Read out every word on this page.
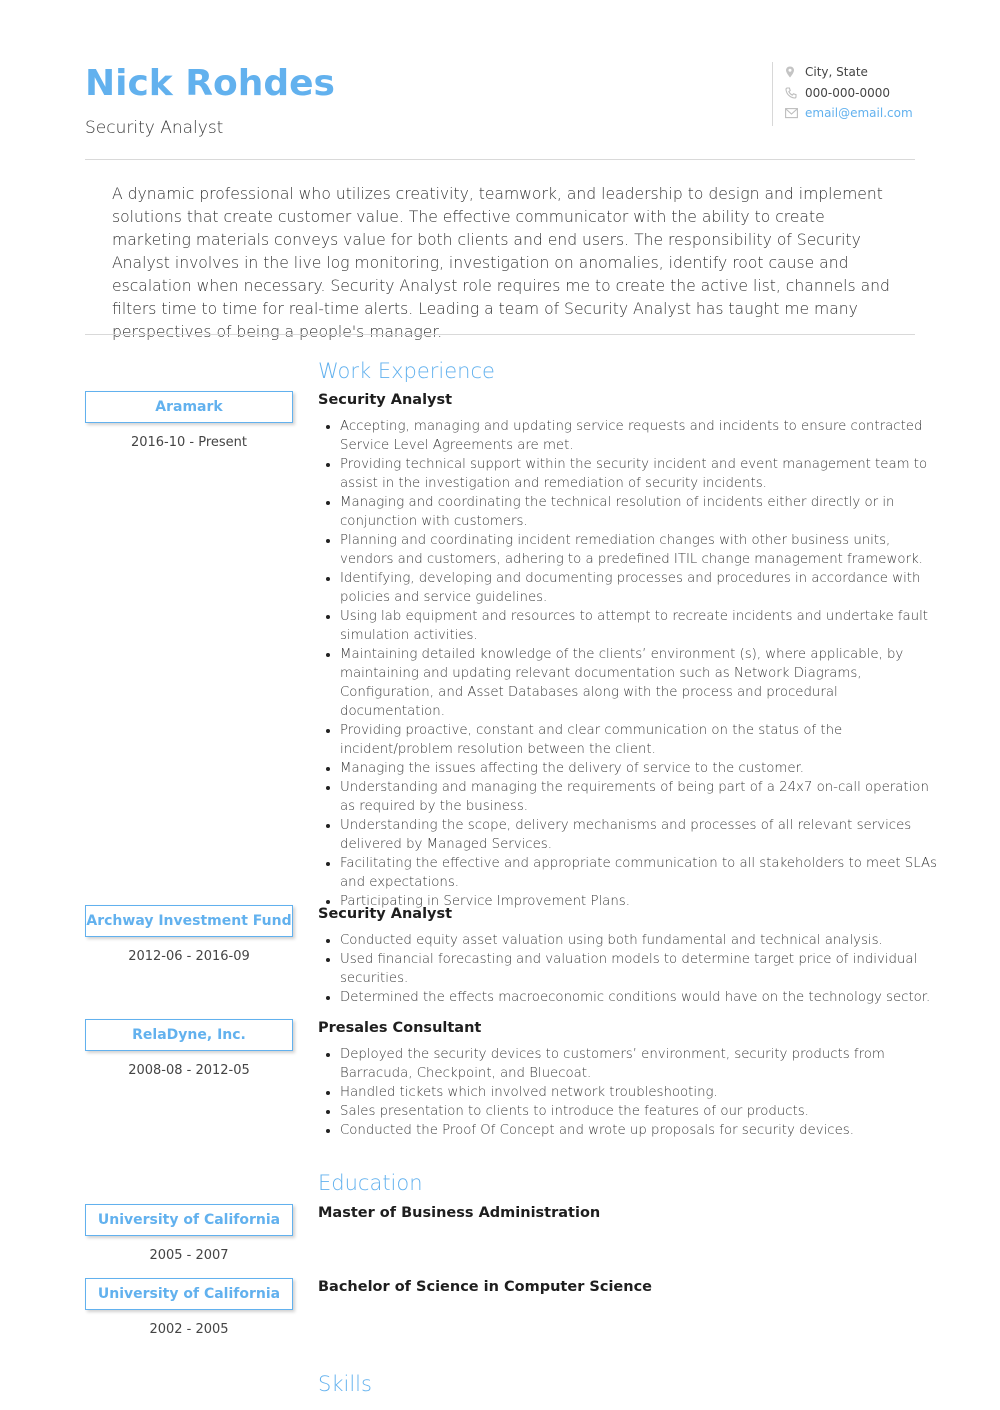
Nick Rohdes
Security Analyst
City, State
000-000-0000
email@email.com
A dynamic professional who utilizes creativity, teamwork, and leadership to design and implement solutions that create customer value. The effective communicator with the ability to create marketing materials conveys value for both clients and end users. The responsibility of Security Analyst involves in the live log monitoring, investigation on anomalies, identify root cause and escalation when necessary. Security Analyst role requires me to create the active list, channels and filters time to time for real-time alerts. Leading a team of Security Analyst has taught me many perspectives of being a people's manager.
Work Experience
Aramark
2016-10 - Present
Security Analyst
• Accepting, managing and updating service requests and incidents to ensure contracted Service Level Agreements are met.
• Providing technical support within the security incident and event management team to assist in the investigation and remediation of security incidents.
• Managing and coordinating the technical resolution of incidents either directly or in conjunction with customers.
• Planning and coordinating incident remediation changes with other business units, vendors and customers, adhering to a predefined ITIL change management framework.
• Identifying, developing and documenting processes and procedures in accordance with policies and service guidelines.
• Using lab equipment and resources to attempt to recreate incidents and undertake fault simulation activities.
• Maintaining detailed knowledge of the clients’ environment (s), where applicable, by maintaining and updating relevant documentation such as Network Diagrams, Configuration, and Asset Databases along with the process and procedural documentation.
• Providing proactive, constant and clear communication on the status of the incident/problem resolution between the client.
• Managing the issues affecting the delivery of service to the customer.
• Understanding and managing the requirements of being part of a 24x7 on-call operation as required by the business.
• Understanding the scope, delivery mechanisms and processes of all relevant services delivered by Managed Services.
• Facilitating the effective and appropriate communication to all stakeholders to meet SLAs and expectations.
• Participating in Service Improvement Plans.
Archway Investment Fund
2012-06 - 2016-09
Security Analyst
• Conducted equity asset valuation using both fundamental and technical analysis.
• Used financial forecasting and valuation models to determine target price of individual securities.
• Determined the effects macroeconomic conditions would have on the technology sector.
RelaDyne, Inc.
2008-08 - 2012-05
Presales Consultant
• Deployed the security devices to customers’ environment, security products from Barracuda, Checkpoint, and Bluecoat.
• Handled tickets which involved network troubleshooting.
• Sales presentation to clients to introduce the features of our products.
• Conducted the Proof Of Concept and wrote up proposals for security devices.
Education
University of California
2005 - 2007
Master of Business Administration
University of California
2002 - 2005
Bachelor of Science in Computer Science
Skills
